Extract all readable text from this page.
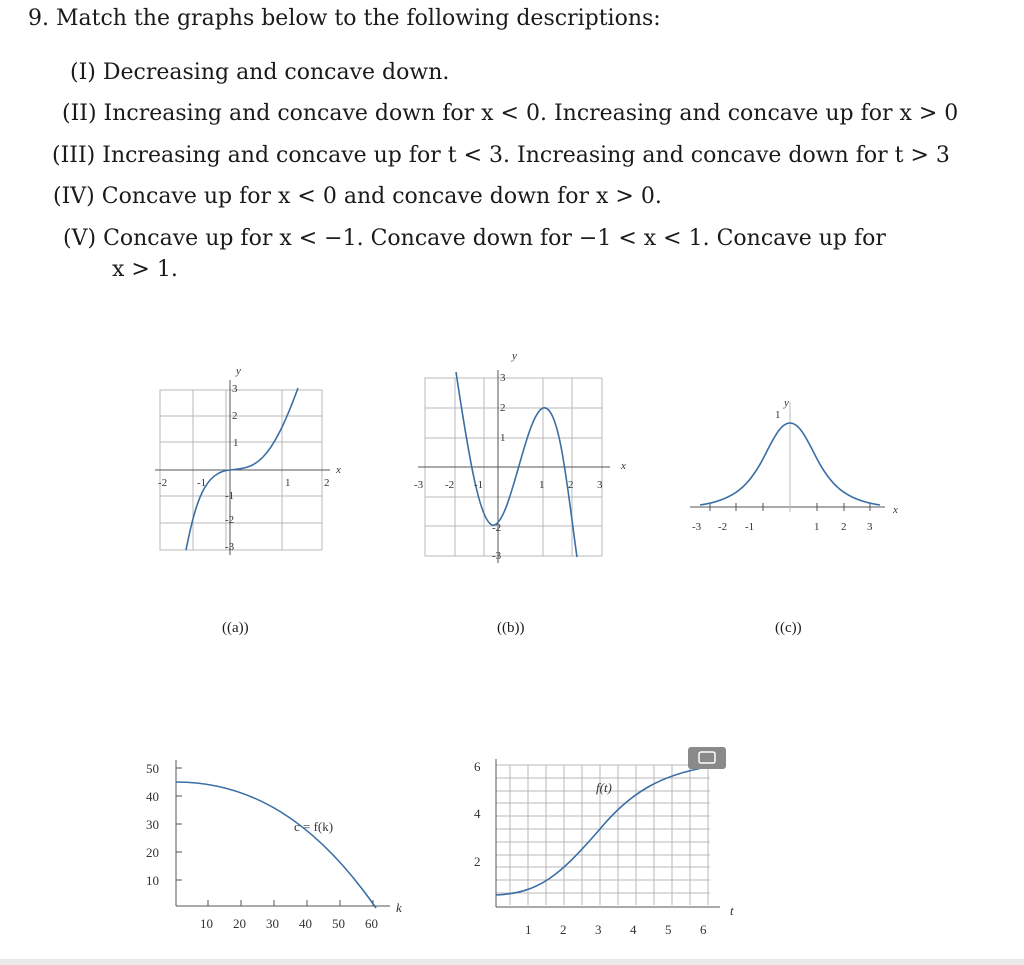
9. Match the graphs below to the following descriptions:
(I) Decreasing and concave down.
(II) Increasing and concave down for x < 0. Increasing and concave up for x > 0
(III) Increasing and concave up for t < 3. Increasing and concave down for t > 3
(IV) Concave up for x < 0 and concave down for x > 0.
(V) Concave up for x < −1. Concave down for −1 < x < 1. Concave up for
x > 1.
-2	-1	1	2
3
2
1
-1
-2
-3
x
y
((a))
-3 -2 -1	1 2 3
3
2
1
-2
-3
x
y
((b))
-3 -2 -1	1 2 3
1
x
y
((c))
50
40
30
20
10
10 20 30 40 50 60
k
c = f(k)
6
4
2
1 2 3 4 5 6
t
f(t)
